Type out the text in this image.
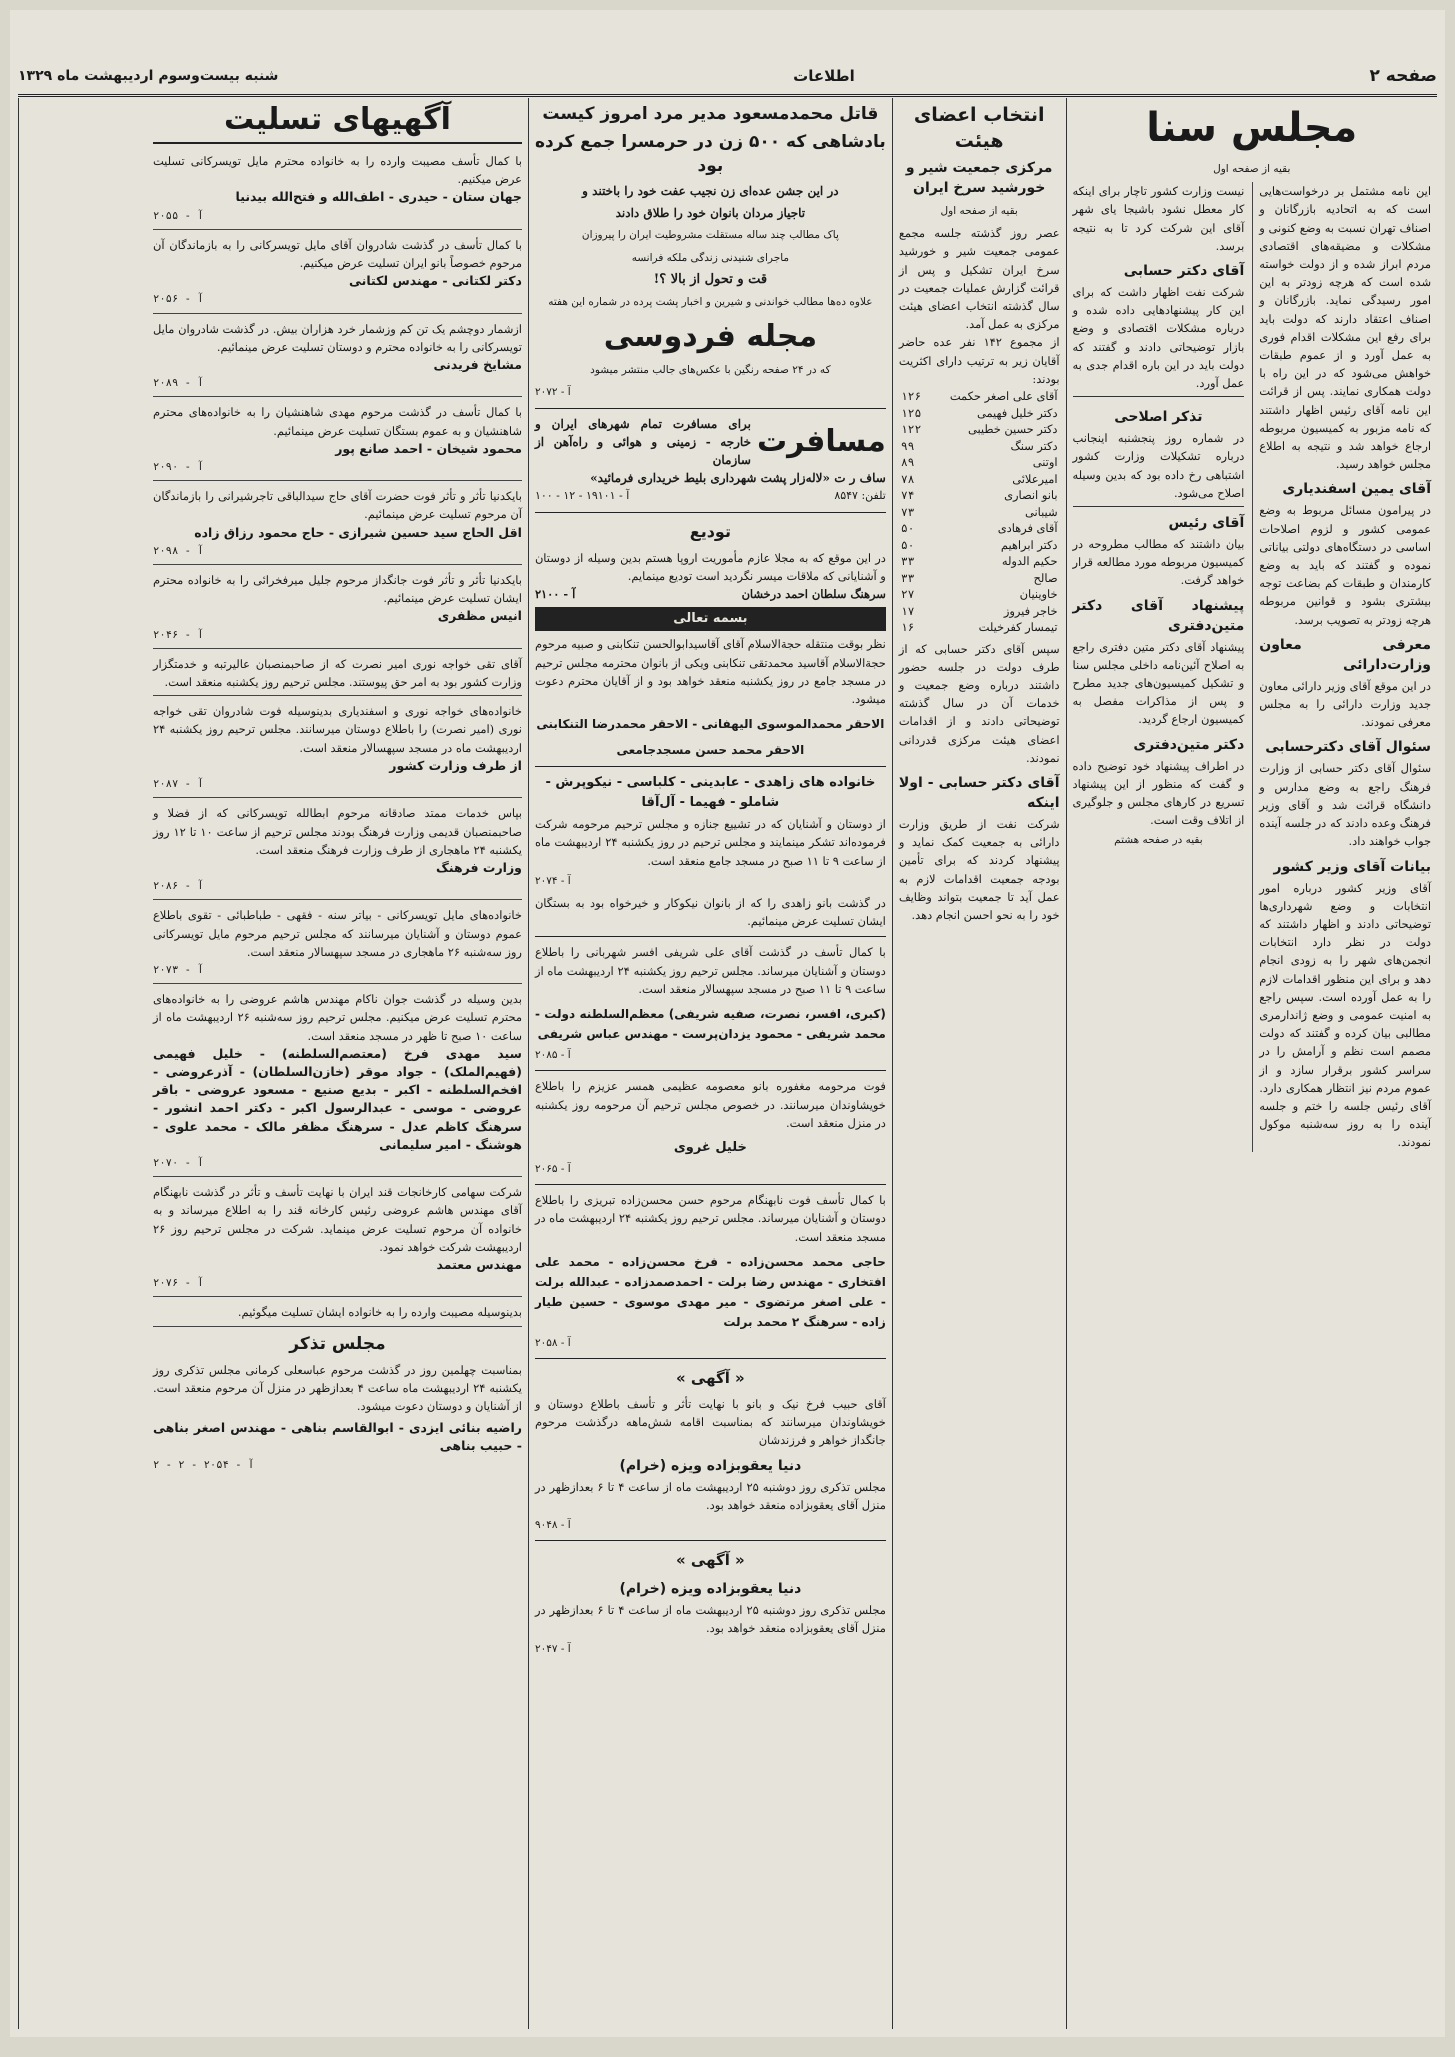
صفحه ۲
اطلاعات
شنبه بیست‌وسوم اردیبهشت ماه ۱۳۲۹
مجلس سنا
بقیه از صفحه اول

این نامه مشتمل بر درخواست‌هایی است که به اتحادیه بازرگانان و اصناف تهران نسبت به وضع کنونی و مشکلات و مضیقه‌های اقتصادی مردم ابراز شده و از دولت خواسته شده است که هرچه زودتر به این امور رسیدگی نماید. بازرگانان و اصناف اعتقاد دارند که دولت باید برای رفع این مشکلات اقدام فوری به عمل آورد و از عموم طبقات خواهش می‌شود که در این راه با دولت همکاری نمایند. پس از قرائت این نامه آقای رئیس اظهار داشتند که نامه مزبور به کمیسیون مربوطه ارجاع خواهد شد و نتیجه به اطلاع مجلس خواهد رسید.

آقای یمین اسفندیاری

در پیرامون مسائل مربوط به وضع عمومی کشور و لزوم اصلاحات اساسی در دستگاه‌های دولتی بیاناتی نموده و گفتند که باید به وضع کارمندان و طبقات کم بضاعت توجه بیشتری بشود و قوانین مربوطه هرچه زودتر به تصویب برسد.

معرفی معاون وزارت‌دارائی

در این موقع آقای وزیر دارائی معاون جدید وزارت دارائی را به مجلس معرفی نمودند.

سئوال آقای دکترحسابی

سئوال آقای دکتر حسابی از وزارت فرهنگ راجع به وضع مدارس و دانشگاه قرائت شد و آقای وزیر فرهنگ وعده دادند که در جلسه آینده جواب خواهند داد.

بیانات آقای وزیر کشور

آقای وزیر کشور درباره امور انتخابات و وضع شهرداری‌ها توضیحاتی دادند و اظهار داشتند که دولت در نظر دارد انتخابات انجمن‌های شهر را به زودی انجام دهد و برای این منظور اقدامات لازم را به عمل آورده است. سپس راجع به امنیت عمومی و وضع ژاندارمری مطالبی بیان کرده و گفتند که دولت مصمم است نظم و آرامش را در سراسر کشور برقرار سازد و از عموم مردم نیز انتظار همکاری دارد. آقای رئیس جلسه را ختم و جلسه آینده را به روز سه‌شنبه موکول نمودند.

نیست وزارت کشور تاچار برای اینکه کار معطل نشود باشیجا یای شهر آقای این شرکت کرد تا به نتیجه برسد.

آقای دکتر حسابی

شرکت نفت اظهار داشت که برای این کار پیشنهادهایی داده شده و درباره مشکلات اقتصادی و وضع بازار توضیحاتی دادند و گفتند که دولت باید در این باره اقدام جدی به عمل آورد.

تذکر اصلاحی

در شماره روز پنجشنبه اینجانب درباره تشکیلات وزارت کشور اشتباهی رخ داده بود که بدین وسیله اصلاح می‌شود.

آقای رئیس

بیان داشتند که مطالب مطروحه در کمیسیون مربوطه مورد مطالعه قرار خواهد گرفت.

پیشنهاد آقای دکتر متین‌دفتری

پیشنهاد آقای دکتر متین دفتری راجع به اصلاح آئین‌نامه داخلی مجلس سنا و تشکیل کمیسیون‌های جدید مطرح و پس از مذاکرات مفصل به کمیسیون ارجاع گردید.

دکتر متین‌دفتری

در اطراف پیشنهاد خود توضیح داده و گفت که منظور از این پیشنهاد تسریع در کارهای مجلس و جلوگیری از اتلاف وقت است.

بقیه در صفحه هشتم
انتخاب اعضای هیئت
مرکزی جمعیت شیر و خورشید سرخ ایران
بقیه از صفحه اول

عصر روز گذشته جلسه مجمع عمومی جمعیت شیر و خورشید سرخ ایران تشکیل و پس از قرائت گزارش عملیات جمعیت در سال گذشته انتخاب اعضای هیئت مرکزی به عمل آمد.

از مجموع ۱۴۲ نفر عده حاضر آقایان زیر به ترتیب دارای اکثریت بودند:

آقای علی اصغر حکمت	۱۲۶
دکتر خلیل فهیمی	۱۲۵
دکتر حسین خطیبی	۱۲۲
دکتر سنگ	۹۹
اوتنی	۸۹
امیرعلائی	۷۸
بانو انصاری	۷۴
شیبانی	۷۳
آقای فرهادی	۵۰
دکتر ابراهیم	۵۰
حکیم الدوله	۳۳
صالح	۳۳
خاوینیان	۲۷
خاجر فیروز	۱۷
تیمسار کفرخیلت	۱۶

سپس آقای دکتر حسابی که از طرف دولت در جلسه حضور داشتند درباره وضع جمعیت و خدمات آن در سال گذشته توضیحاتی دادند و از اقدامات اعضای هیئت مرکزی قدردانی نمودند.

آقای دکتر حسابی - اولا اینکه

شرکت نفت از طریق وزارت دارائی به جمعیت کمک نماید و پیشنهاد کردند که برای تأمین بودجه جمعیت اقدامات لازم به عمل آید تا جمعیت بتواند وظایف خود را به نحو احسن انجام دهد.

قاتل محمدمسعود مدیر مرد امروز کیست
بادشاهی که ۵۰۰ زن در حرمسرا جمع کرده بود
در این جشن عده‌ای زن نجیب عفت خود را باختند و
تاجیاز مردان بانوان خود را طلاق دادند
پاک مطالب چند ساله مستقلت مشروطیت ایران را پیروزان
ماجرای شنیدنی زندگی ملکه فرانسه
قت و تحول از بالا ؟!
علاوه ده‌ها مطالب خواندنی و شیرین و اخبار پشت پرده در شماره این هفته
مجله فردوسی
که در ۲۴ صفحه رنگین با عکس‌های جالب منتشر میشود
آ - ۲۰۷۲
مسافرت
برای مسافرت تمام شهرهای ایران و خارجه - زمینی و هوائی و راه‌آهن از سازمان
ساف ر ت «لاله‌زار پشت شهرداری بلیط خریداری فرمائید»
تلفن: ۸۵۴۷
آ - ۱۹۱۰۱ - ۱۲ - ۱۰۰
تودیع

در این موقع که به مجلا عازم مأموریت اروپا هستم بدین وسیله از دوستان و آشنایانی که ملاقات میسر نگردید است تودیع مینمایم.

سرهنگ سلطان احمد درخشان
آ - ۲۱۰۰
بسمه تعالی

نظر بوقت منتقله حجة‌الاسلام آقای آقاسیدابوالحسن تنکابنی و صبیه مرحوم حجة‌الاسلام آقاسید محمدتقی تنکابنی ویکی از بانوان محترمه مجلس ترحیم در مسجد جامع در روز یکشنبه منعقد خواهد بود و از آقایان محترم دعوت میشود.

الاحقر محمدالموسوی الیهفانی - الاحقر محمدرضا التنکابنی
الاحقر محمد حسن مسجدجامعی
خانواده های زاهدی - عابدینی - کلباسی - نیکوپرش - شاملو - فهیما - آل‌آقا

از دوستان و آشنایان که در تشییع جنازه و مجلس ترحیم مرحومه شرکت فرموده‌اند تشکر مینمایند و مجلس ترحیم در روز یکشنبه ۲۴ اردیبهشت ماه از ساعت ۹ تا ۱۱ صبح در مسجد جامع منعقد است.

آ - ۲۰۷۴

در گذشت بانو زاهدی را که از بانوان نیکوکار و خیرخواه بود به بستگان ایشان تسلیت عرض مینمائیم.

با کمال تأسف در گذشت آقای علی شریفی افسر شهربانی را باطلاع دوستان و آشنایان میرساند. مجلس ترحیم روز یکشنبه ۲۴ اردیبهشت ماه از ساعت ۹ تا ۱۱ صبح در مسجد سپهسالار منعقد است.

(کبری، افسر، نصرت، صفیه شریفی) معظم‌السلطنه دولت - محمد شریفی - محمود یزدان‌پرست - مهندس عباس شریفی
آ - ۲۰۸۵

فوت مرحومه مغفوره بانو معصومه عظیمی همسر عزیزم را باطلاع خویشاوندان میرسانند. در خصوص مجلس ترحیم آن مرحومه روز یکشنبه در منزل منعقد است.

خلیل غروی
آ - ۲۰۶۵

با کمال تأسف فوت نابهنگام مرحوم حسن محسن‌زاده تبریزی را باطلاع دوستان و آشنایان میرساند. مجلس ترحیم روز یکشنبه ۲۴ اردیبهشت ماه در مسجد منعقد است.

حاجی محمد محسن‌زاده - فرخ محسن‌زاده - محمد علی افتخاری - مهندس رضا برلت - احمدصمدزاده - عبدالله برلت - علی اصغر مرتضوی - میر مهدی موسوی - حسین طیار زاده - سرهنگ ۲ محمد برلت
آ - ۲۰۵۸
« آگهی »

آقای حبیب فرخ نیک و بانو با نهایت تأثر و تأسف باطلاع دوستان و خویشاوندان میرسانند که بمناسبت اقامه شش‌ماهه درگذشت مرحوم جانگداز خواهر و فرزندشان

دنیا یعقوبزاده ویزه (خرام)

مجلس تذکری روز دوشنبه ۲۵ اردیبهشت ماه از ساعت ۴ تا ۶ بعدازظهر در منزل آقای یعقوبزاده منعقد خواهد بود.

آ - ۹۰۴۸
« آگهی »
دنیا یعقوبزاده ویزه (خرام)

مجلس تذکری روز دوشنبه ۲۵ اردیبهشت ماه از ساعت ۴ تا ۶ بعدازظهر در منزل آقای یعقوبزاده منعقد خواهد بود.

آ - ۲۰۴۷
آگهیهای تسلیت
با کمال تأسف مصیبت وارده را به خانواده محترم مایل تویسرکانی تسلیت عرض میکنیم.
جهان ستان - حیدری - اطف‌الله و فتح‌الله بیدنیا
آ - ۲۰۵۵
با کمال تأسف در گذشت شادروان آقای مایل تویسرکانی را به بازماندگان آن مرحوم خصوصاً بانو ایران تسلیت عرض میکنیم.
دکتر لکتانی - مهندس لکتانی
آ - ۲۰۵۶
ازشمار دوچشم یک تن کم وزشمار خرد هزاران بیش. در گذشت شادروان مایل تویسرکانی را به خانواده محترم و دوستان تسلیت عرض مینمائیم.
مشایخ فریدنی
آ - ۲۰۸۹
با کمال تأسف در گذشت مرحوم مهدی شاهنشیان را به خانواده‌های محترم شاهنشیان و به عموم بستگان تسلیت عرض مینمائیم.
محمود شیخان - احمد صانع پور
آ - ۲۰۹۰
بایکدنیا تأثر و تأثر فوت حضرت آقای حاج سیدالباقی تاجرشیرانی را بازماندگان آن مرحوم تسلیت عرض مینمائیم.
اقل الحاج سید حسین شیرازی - حاج محمود رزاق زاده
آ - ۲۰۹۸
بایکدنیا تأثر و تأثر فوت جانگداز مرحوم جلیل میرفخرائی را به خانواده محترم ایشان تسلیت عرض مینمائیم.
انیس مظفری
آ - ۲۰۴۶
آقای تقی خواجه نوری امیر نصرت که از صاحبمنصبان عالیرتبه و خدمتگزار وزارت کشور بود به امر حق پیوستند. مجلس ترحیم روز یکشنبه منعقد است.
خانواده‌های خواجه نوری و اسفندیاری بدینوسیله فوت شادروان تقی خواجه نوری (امیر نصرت) را باطلاع دوستان میرسانند. مجلس ترحیم روز یکشنبه ۲۴ اردیبهشت ماه در مسجد سپهسالار منعقد است.
از طرف وزارت کشور
آ - ۲۰۸۷
بپاس خدمات ممتد صادقانه مرحوم ابطالله تویسرکانی که از فضلا و صاحبمنصبان قدیمی وزارت فرهنگ بودند مجلس ترحیم از ساعت ۱۰ تا ۱۲ روز یکشنبه ۲۴ ماهجاری از طرف وزارت فرهنگ منعقد است.
وزارت فرهنگ
آ - ۲۰۸۶
خانواده‌های مایل تویسرکانی - بیاتر سنه - فقهی - طباطبائی - تقوی باطلاع عموم دوستان و آشنایان میرسانند که مجلس ترحیم مرحوم مایل تویسرکانی روز سه‌شنبه ۲۶ ماهجاری در مسجد سپهسالار منعقد است.
آ - ۲۰۷۳
بدین وسیله در گذشت جوان ناکام مهندس هاشم عروضی را به خانواده‌های محترم تسلیت عرض میکنیم. مجلس ترحیم روز سه‌شنبه ۲۶ اردیبهشت ماه از ساعت ۱۰ صبح تا ظهر در مسجد منعقد است.
سید مهدی فرخ (معتصم‌السلطنه) - خلیل فهیمی (فهیم‌الملک) - جواد موقر (خازن‌السلطان) - آذرعروضی - افخم‌السلطنه - اکبر - بدیع صنیع - مسعود عروضی - باقر عروضی - موسی - عبدالرسول اکبر - دکتر احمد انشور - سرهنگ کاظم عدل - سرهنگ مظفر مالک - محمد علوی - هوشنگ - امیر سلیمانی
آ - ۲۰۷۰
شرکت سهامی کارخانجات قند ایران با نهایت تأسف و تأثر در گذشت نابهنگام آقای مهندس هاشم عروضی رئیس کارخانه قند را به اطلاع میرساند و به خانواده آن مرحوم تسلیت عرض مینماید. شرکت در مجلس ترحیم روز ۲۶ اردیبهشت شرکت خواهد نمود.
مهندس معتمد
آ - ۲۰۷۶
بدینوسیله مصیبت وارده را به خانواده ایشان تسلیت میگوئیم.
مجلس تذکر

بمناسبت چهلمین روز در گذشت مرحوم عباسعلی کرمانی مجلس تذکری روز یکشنبه ۲۴ اردیبهشت ماه ساعت ۴ بعدازظهر در منزل آن مرحوم منعقد است. از آشنایان و دوستان دعوت میشود.

راضیه بنائی ایزدی - ابوالقاسم بناهی - مهندس اصغر بناهی - حبیب بناهی
آ - ۲۰۵۴ - ۲ - ۲
